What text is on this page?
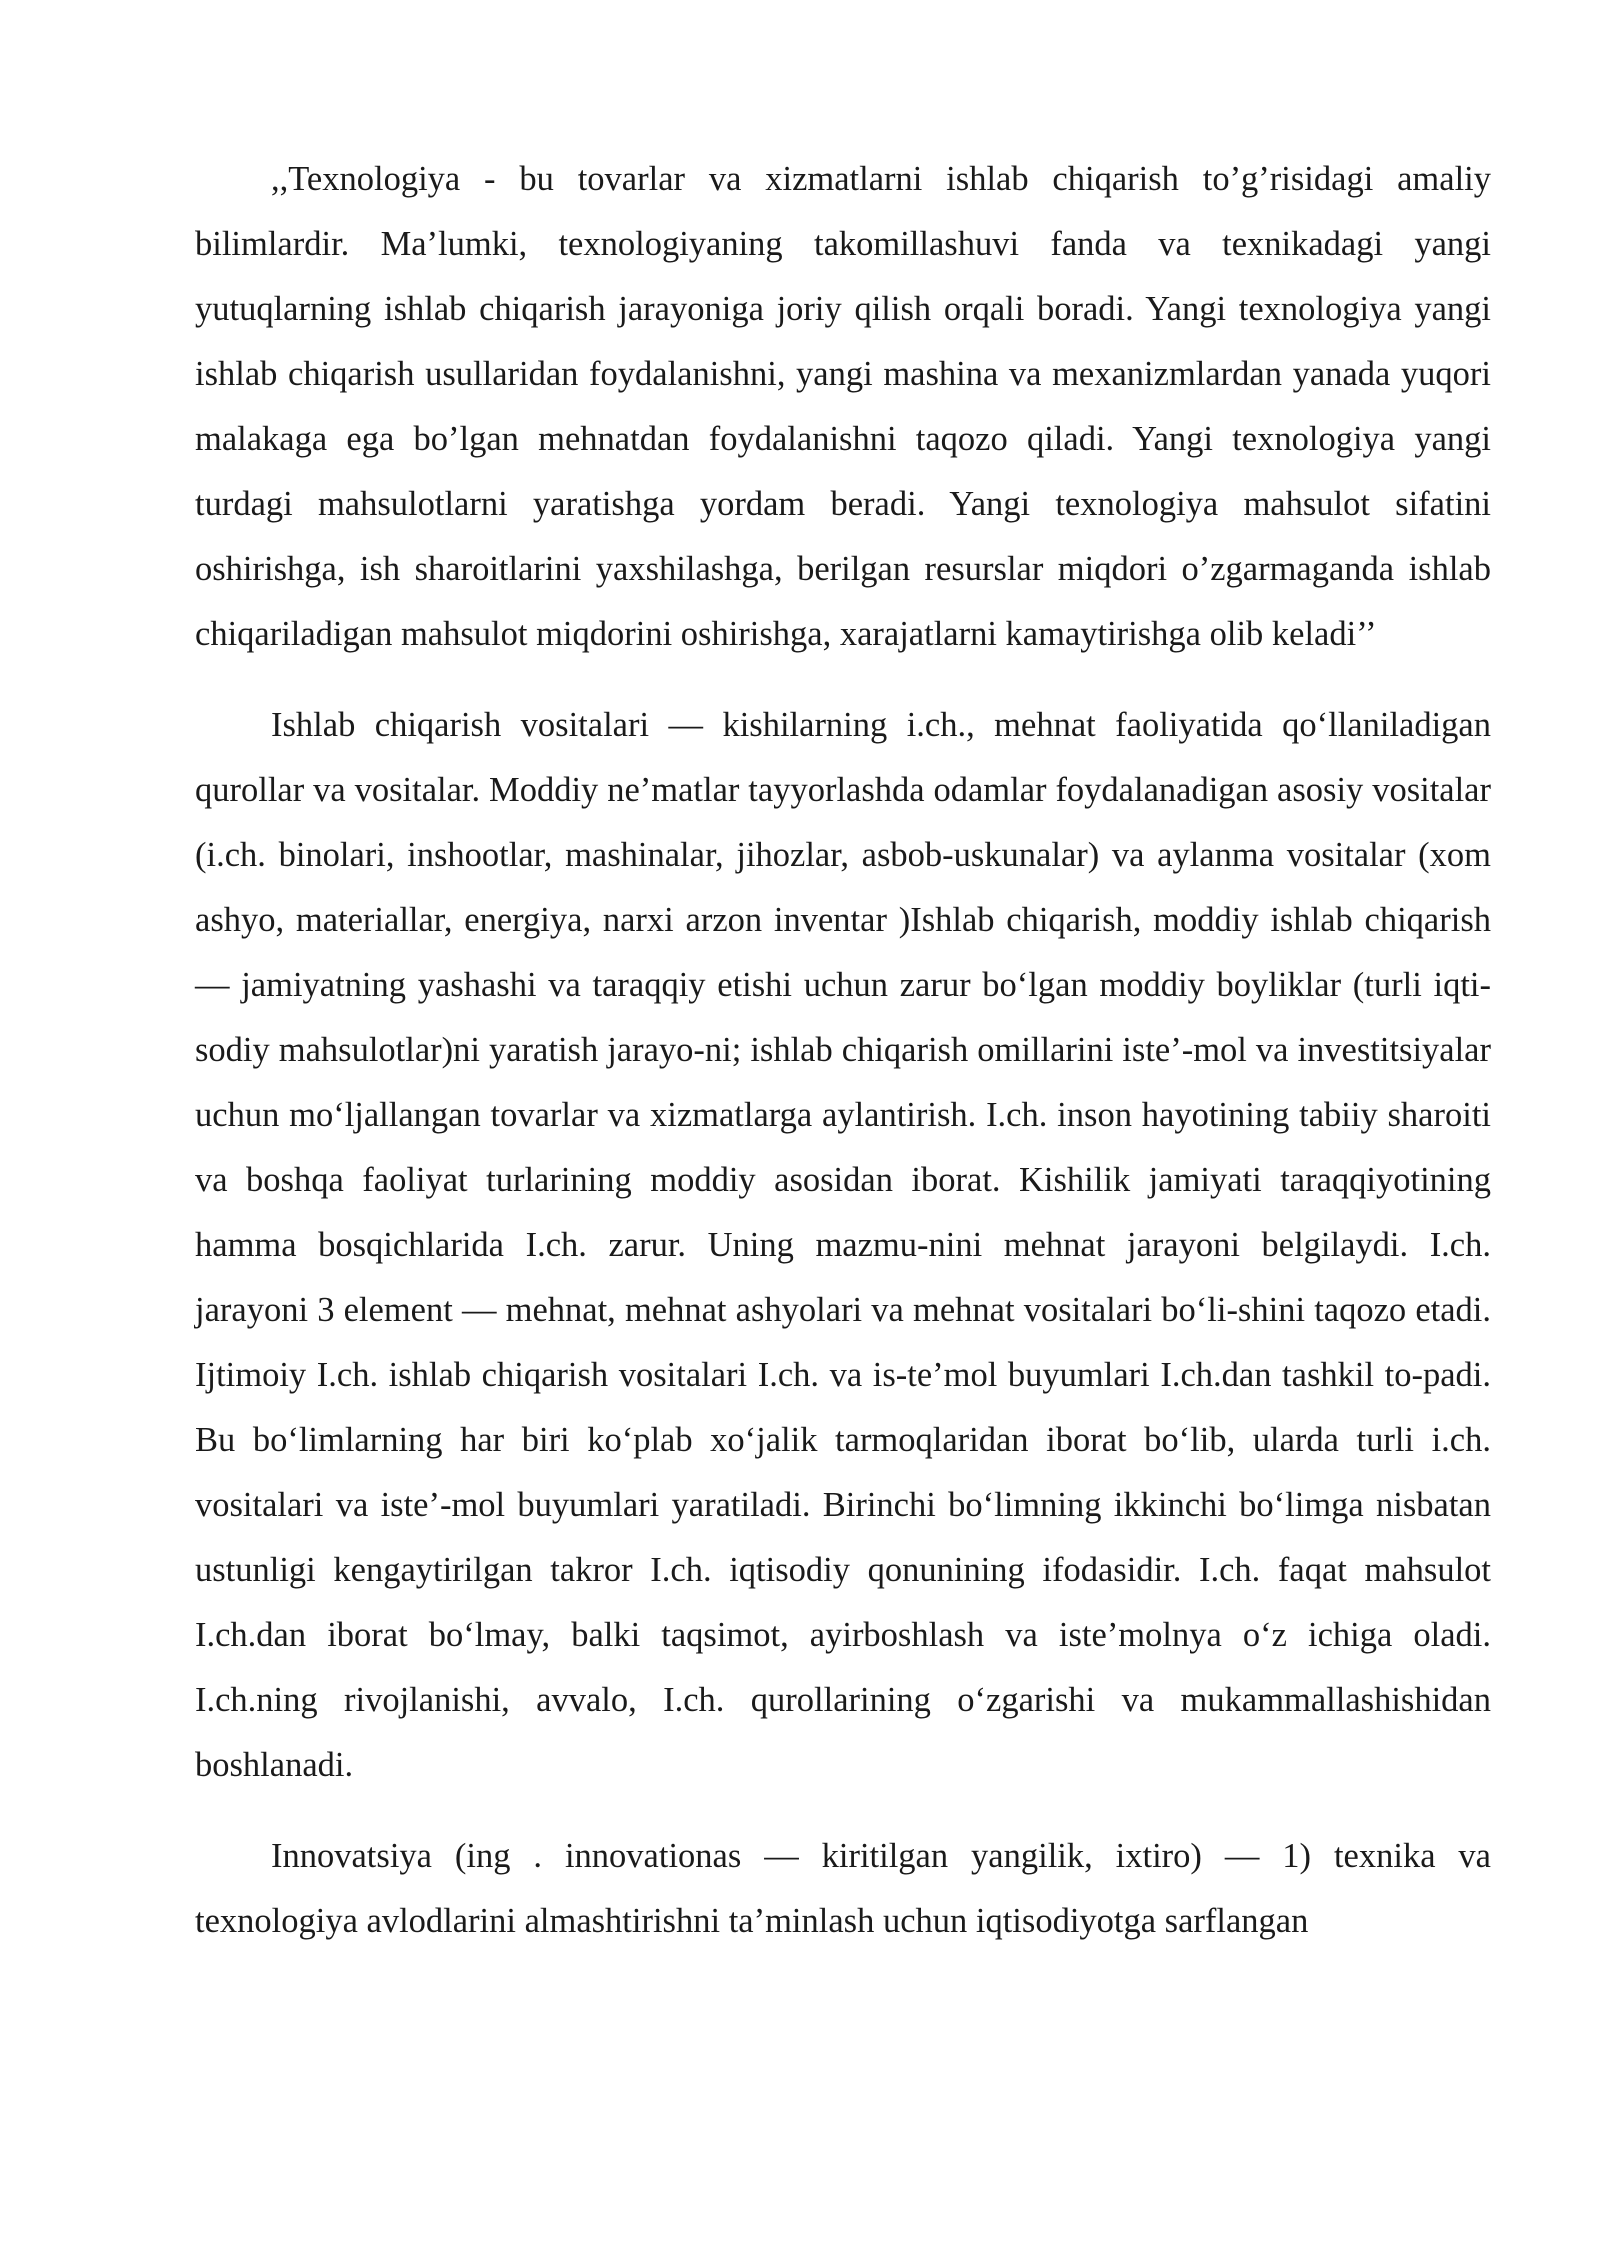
,,Texnologiya - bu tovarlar va xizmatlarni ishlab chiqarish to’g’risidagi amaliy bilimlardir. Ma’lumki, texnologiyaning takomillashuvi fanda va texnikadagi yangi yutuqlarning ishlab chiqarish jarayoniga joriy qilish orqali boradi. Yangi texnologiya yangi ishlab chiqarish usullaridan foydalanishni, yangi mashina va mexanizmlardan yanada yuqori malakaga ega bo’lgan mehnatdan foydalanishni taqozo qiladi. Yangi texnologiya yangi turdagi mahsulotlarni yaratishga yordam beradi. Yangi texnologiya mahsulot sifatini oshirishga, ish sharoitlarini yaxshilashga, berilgan resurslar miqdori o’zgarmaganda ishlab chiqariladigan mahsulot miqdorini oshirishga, xarajatlarni kamaytirishga olib keladi’’

Ishlab chiqarish vositalari — kishilarning i.ch., mehnat faoliyatida qoʻllaniladigan qurollar va vositalar. Moddiy ne’matlar tayyorlashda odamlar foydalanadigan asosiy vositalar (i.ch. binolari, inshootlar, mashinalar, jihozlar, asbob-uskunalar) va aylanma vositalar (xom ashyo, materiallar, energiya, narxi arzon inventar )Ishlab chiqarish, moddiy ishlab chiqarish — jamiyatning yashashi va taraqqiy etishi uchun zarur boʻlgan moddiy boyliklar (turli iqti-sodiy mahsulotlar)ni yaratish jarayo-ni; ishlab chiqarish omillarini iste’-mol va investitsiyalar uchun moʻljallangan tovarlar va xizmatlarga aylantirish. I.ch. inson hayotining tabiiy sharoiti va boshqa faoliyat turlarining moddiy asosidan iborat. Kishilik jamiyati taraqqiyotining hamma bosqichlarida I.ch. zarur. Uning mazmu-nini mehnat jarayoni belgilaydi. I.ch. jarayoni 3 element — mehnat, mehnat ashyolari va mehnat vositalari boʻli-shini taqozo etadi. Ijtimoiy I.ch. ishlab chiqarish vositalari I.ch. va is-te’mol buyumlari I.ch.dan tashkil to-padi. Bu boʻlimlarning har biri koʻplab xoʻjalik tarmoqlaridan iborat boʻlib, ularda turli i.ch. vositalari va iste’-mol buyumlari yaratiladi. Birinchi boʻlimning ikkinchi boʻlimga nisbatan ustunligi kengaytirilgan takror I.ch. iqtisodiy qonunining ifodasidir. I.ch. faqat mahsulot I.ch.dan iborat boʻlmay, balki taqsimot, ayirboshlash va iste’molnya oʻz ichiga oladi. I.ch.ning rivojlanishi, avvalo, I.ch. qurollarining oʻzgarishi va mukammallashishidan boshlanadi.

Innovatsiya (ing . innovationas — kiritilgan yangilik, ixtiro) — 1) texnika va texnologiya avlodlarini almashtirishni ta’minlash uchun iqtisodiyotga sarflangan
